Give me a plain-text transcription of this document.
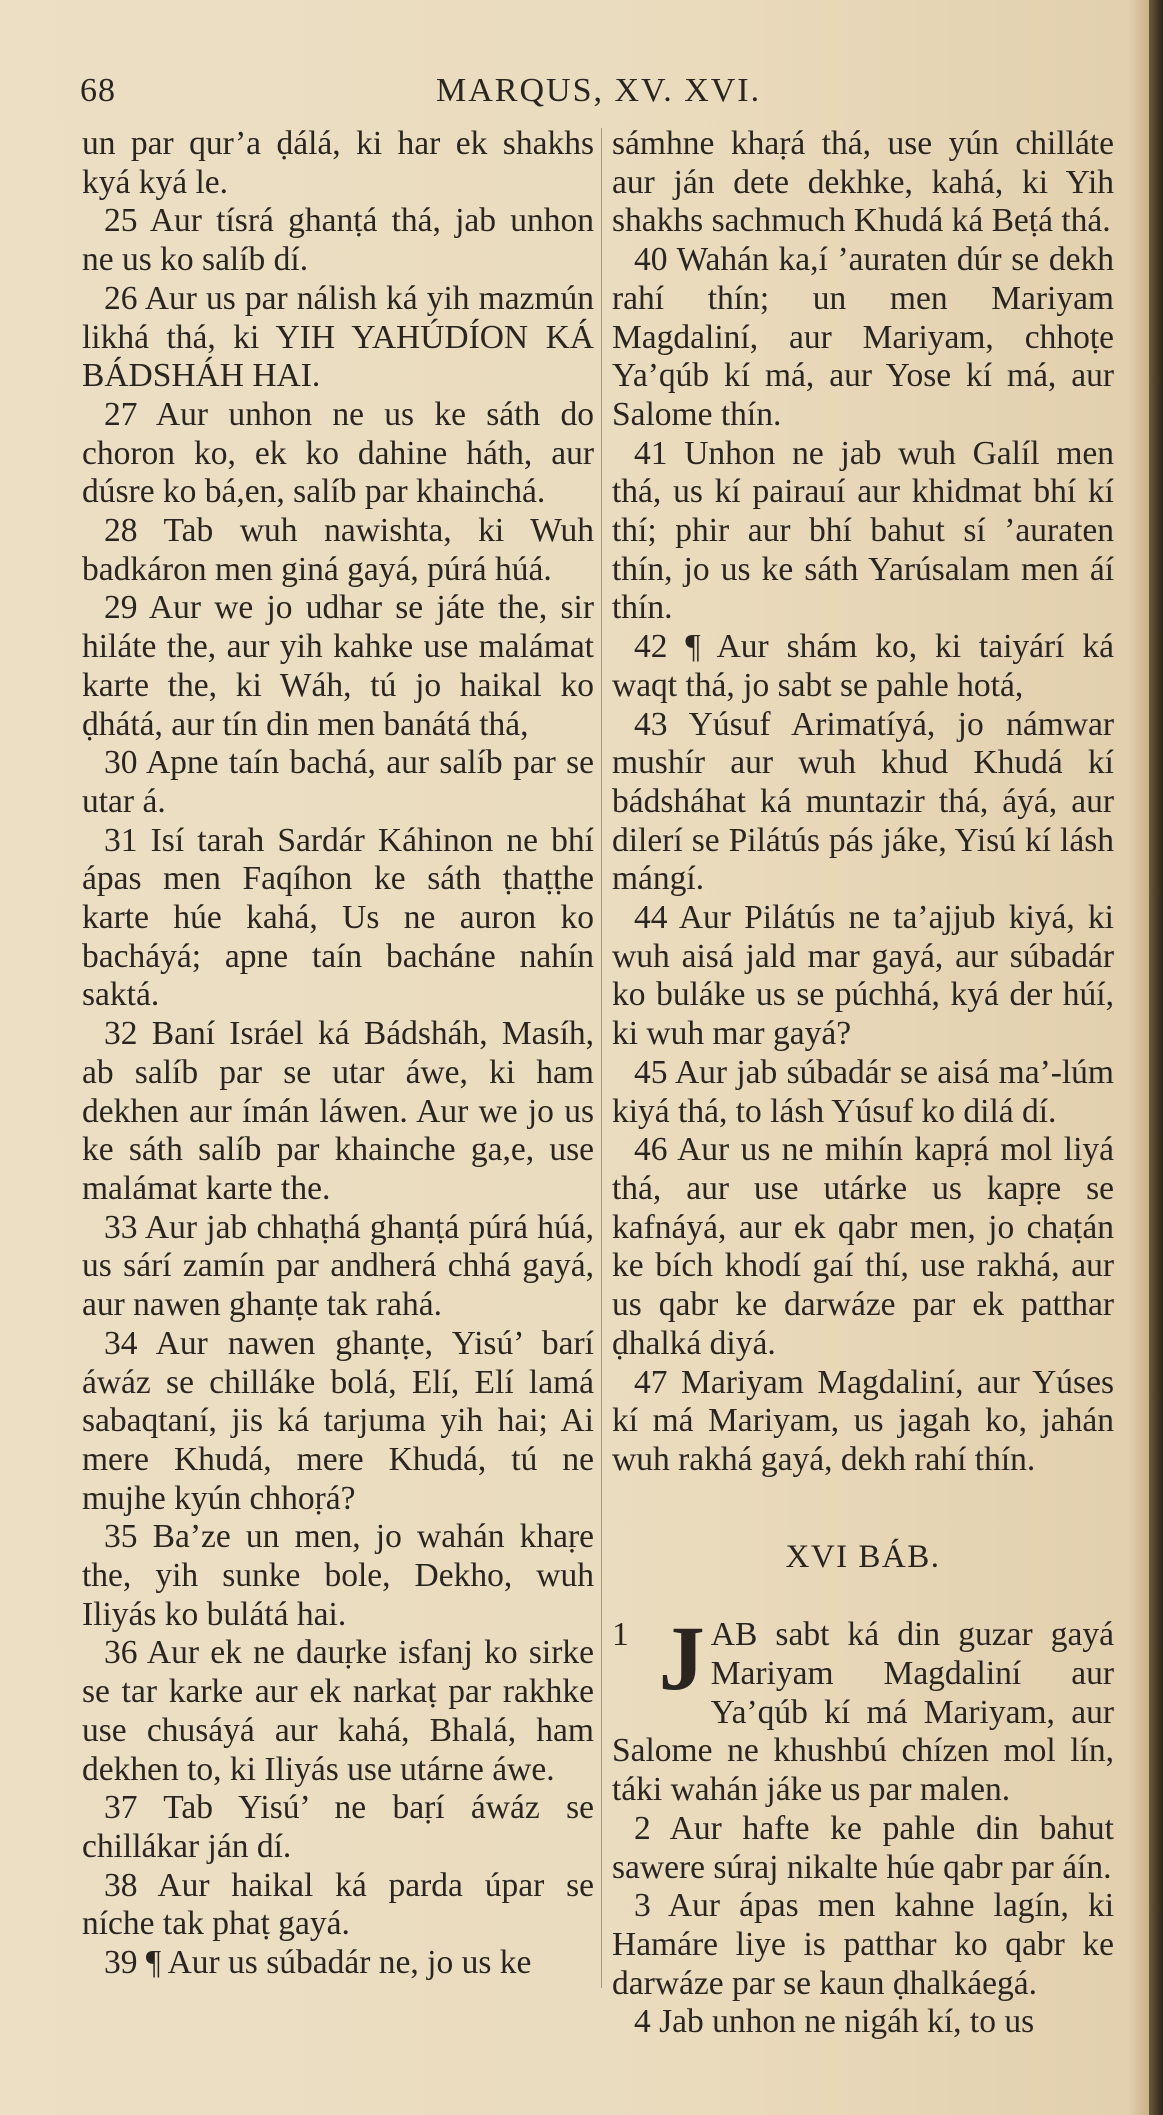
68	MARQUS, XV. XVI.

un par qur’a ḍálá, ki har ek shakhs kyá kyá le.

25 Aur tísrá ghanṭá thá, jab unhon ne us ko salíb dí.

26 Aur us par nálish ká yih mazmún likhá thá, ki YIH YAHÚDÍON KÁ BÁDSHÁH HAI.

27 Aur unhon ne us ke sáth do choron ko, ek ko dahine háth, aur dúsre ko bá,en, salíb par khainchá.

28 Tab wuh nawishta, ki Wuh badkáron men giná gayá, púrá húá.

29 Aur we jo udhar se játe the, sir hiláte the, aur yih kahke use malámat karte the, ki Wáh, tú jo haikal ko ḍhátá, aur tín din men banátá thá,

30 Apne taín bachá, aur salíb par se utar á.

31 Isí tarah Sardár Káhinon ne bhí ápas men Faqíhon ke sáth ṭhaṭṭhe karte húe kahá, Us ne auron ko bacháyá; apne taín bacháne nahín saktá.

32 Baní Isráel ká Bádsháh, Masíh, ab salíb par se utar áwe, ki ham dekhen aur ímán láwen. Aur we jo us ke sáth salíb par khainche ga,e, use malámat karte the.

33 Aur jab chhaṭhá ghanṭá púrá húá, us sárí zamín par andherá chhá gayá, aur nawen ghanṭe tak rahá.

34 Aur nawen ghanṭe, Yisú’ barí áwáz se chilláke bolá, Elí, Elí lamá sabaqtaní, jis ká tarjuma yih hai; Ai mere Khudá, mere Khudá, tú ne mujhe kyún chhoṛá?

35 Ba’ze un men, jo wahán khaṛe the, yih sunke bole, Dekho, wuh Iliyás ko bulátá hai.

36 Aur ek ne dauṛke isfanj ko sirke se tar karke aur ek narkaṭ par rakhke use chusáyá aur kahá, Bhalá, ham dekhen to, ki Iliyás use utárne áwe.

37 Tab Yisú’ ne baṛí áwáz se chillákar ján dí.

38 Aur haikal ká parda úpar se níche tak phaṭ gayá.

39 ¶ Aur us súbadár ne, jo us ke

sámhne khaṛá thá, use yún chilláte aur ján dete dekhke, kahá, ki Yih shakhs sachmuch Khudá ká Beṭá thá.

40 Wahán ka,í ’auraten dúr se dekh rahí thín; un men Mariyam Magdaliní, aur Mariyam, chhoṭe Ya’qúb kí má, aur Yose kí má, aur Salome thín.

41 Unhon ne jab wuh Galíl men thá, us kí pairauí aur khidmat bhí kí thí; phir aur bhí bahut sí ’auraten thín, jo us ke sáth Yarúsalam men áí thín.

42 ¶ Aur shám ko, ki taiyárí ká waqt thá, jo sabt se pahle hotá,

43 Yúsuf Arimatíyá, jo námwar mushír aur wuh khud Khudá kí bádsháhat ká muntazir thá, áyá, aur dilerí se Pilátús pás jáke, Yisú kí lásh mángí.

44 Aur Pilátús ne ta’ajjub kiyá, ki wuh aisá jald mar gayá, aur súbadár ko buláke us se púchhá, kyá der húí, ki wuh mar gayá?

45 Aur jab súbadár se aisá ma’-lúm kiyá thá, to lásh Yúsuf ko dilá dí.

46 Aur us ne mihín kapṛá mol liyá thá, aur use utárke us kapṛe se kafnáyá, aur ek qabr men, jo chaṭán ke bích khodí gaí thí, use rakhá, aur us qabr ke darwáze par ek patthar ḍhalká diyá.

47 Mariyam Magdaliní, aur Yúses kí má Mariyam, us jagah ko, jahán wuh rakhá gayá, dekh rahí thín.

XVI BÁB.

1 J AB sabt ká din guzar gayá Mariyam Magdaliní aur Ya’qúb kí má Mariyam, aur Salome ne khushbú chízen mol lín, táki wahán jáke us par malen.

2 Aur hafte ke pahle din bahut sawere súraj nikalte húe qabr par áín.

3 Aur ápas men kahne lagín, ki Hamáre liye is patthar ko qabr ke darwáze par se kaun ḍhalkáegá.

4 Jab unhon ne nigáh kí, to us
